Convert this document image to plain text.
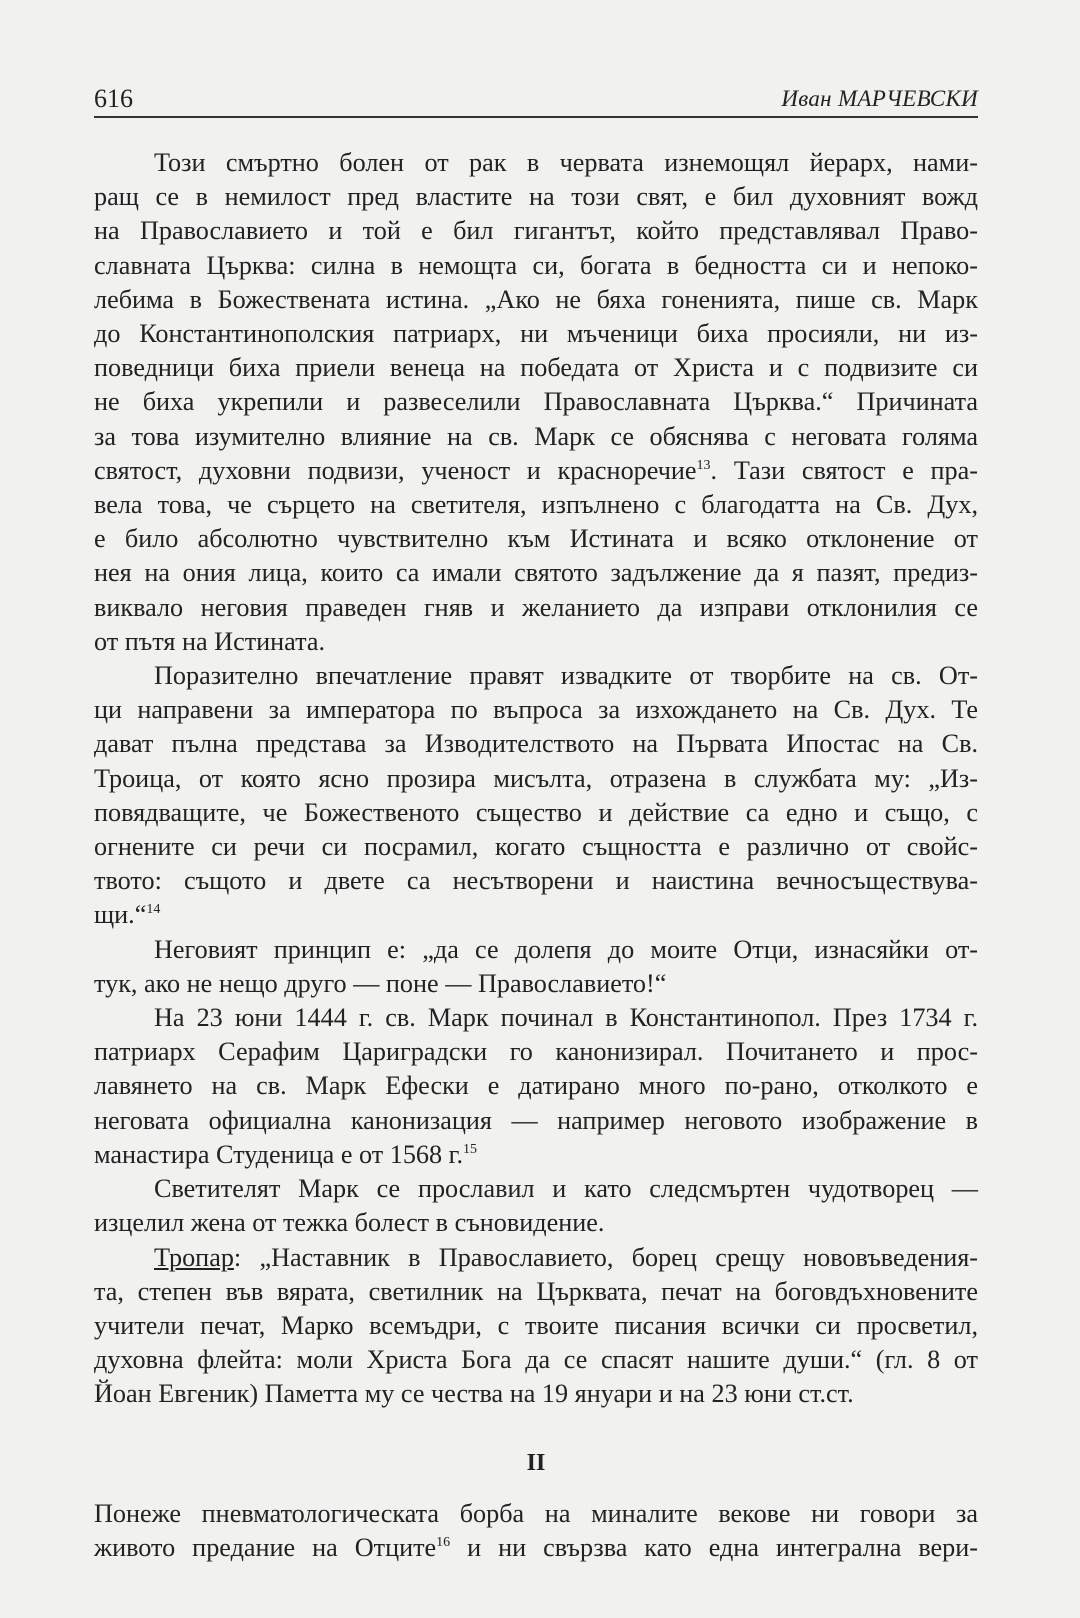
616	Иван МАРЧЕВСКИ

Този смъртно болен от рак в червата изнемощял йерарх, нами-
ращ се в немилост пред властите на този свят, е бил духовният вожд
на Православието и той е бил гигантът, който представлявал Право-
славната Църква: силна в немощта си, богата в бедността си и непоко-
лебима в Божествената истина. „Ако не бяха гоненията, пише св. Марк
до Константинополския патриарх, ни мъченици биха просияли, ни из-
поведници биха приели венеца на победата от Христа и с подвизите си
не биха укрепили и развеселили Православната Църква.“ Причината
за това изумително влияние на св. Марк се обяснява с неговата голяма
святост, духовни подвизи, ученост и красноречие$^{13}$. Тази святост е пра-
вела това, че сърцето на светителя, изпълнено с благодатта на Св. Дух,
е било абсолютно чувствително към Истината и всяко отклонение от
нея на ония лица, които са имали святото задължение да я пазят, предиз-
виквало неговия праведен гняв и желанието да изправи отклонилия се
от пътя на Истината.

Поразително впечатление правят извадките от творбите на св. От-
ци направени за императора по въпроса за изхождането на Св. Дух. Те
дават пълна представа за Изводителството на Първата Ипостас на Св.
Троица, от която ясно прозира мисълта, отразена в службата му: „Из-
повядващите, че Божественото същество и действие са едно и също, с
огнените си речи си посрамил, когато същността е различно от свойс-
твото: същото и двете са несътворени и наистина вечносъществува-
щи.“$^{14}$

Неговият принцип е: „да се долепя до моите Отци, изнасяйки от-
тук, ако не нещо друго — поне — Православието!“

На 23 юни 1444 г. св. Марк починал в Константинопол. През 1734 г.
патриарх Серафим Цариградски го канонизирал. Почитането и прос-
лавянето на св. Марк Ефески е датирано много по-рано, отколкото е
неговата официална канонизация — например неговото изображение в
манастира Студеница е от 1568 г.$^{15}$

Светителят Марк се прославил и като следсмъртен чудотворец —
изцелил жена от тежка болест в съновидение.

Тропар: „Наставник в Православието, борец срещу нововъведения-
та, степен във вярата, светилник на Църквата, печат на боговдъхновените
учители печат, Марко всемъдри, с твоите писания всички си просветил,
духовна флейта: моли Христа Бога да се спасят нашите души.“ (гл. 8 от
Йоан Евгеник) Паметта му се чества на 19 януари и на 23 юни ст.ст.

II

Понеже пневматологическата борба на миналите векове ни говори за
живото предание на Отците$^{16}$ и ни свързва като една интегрална вери-
